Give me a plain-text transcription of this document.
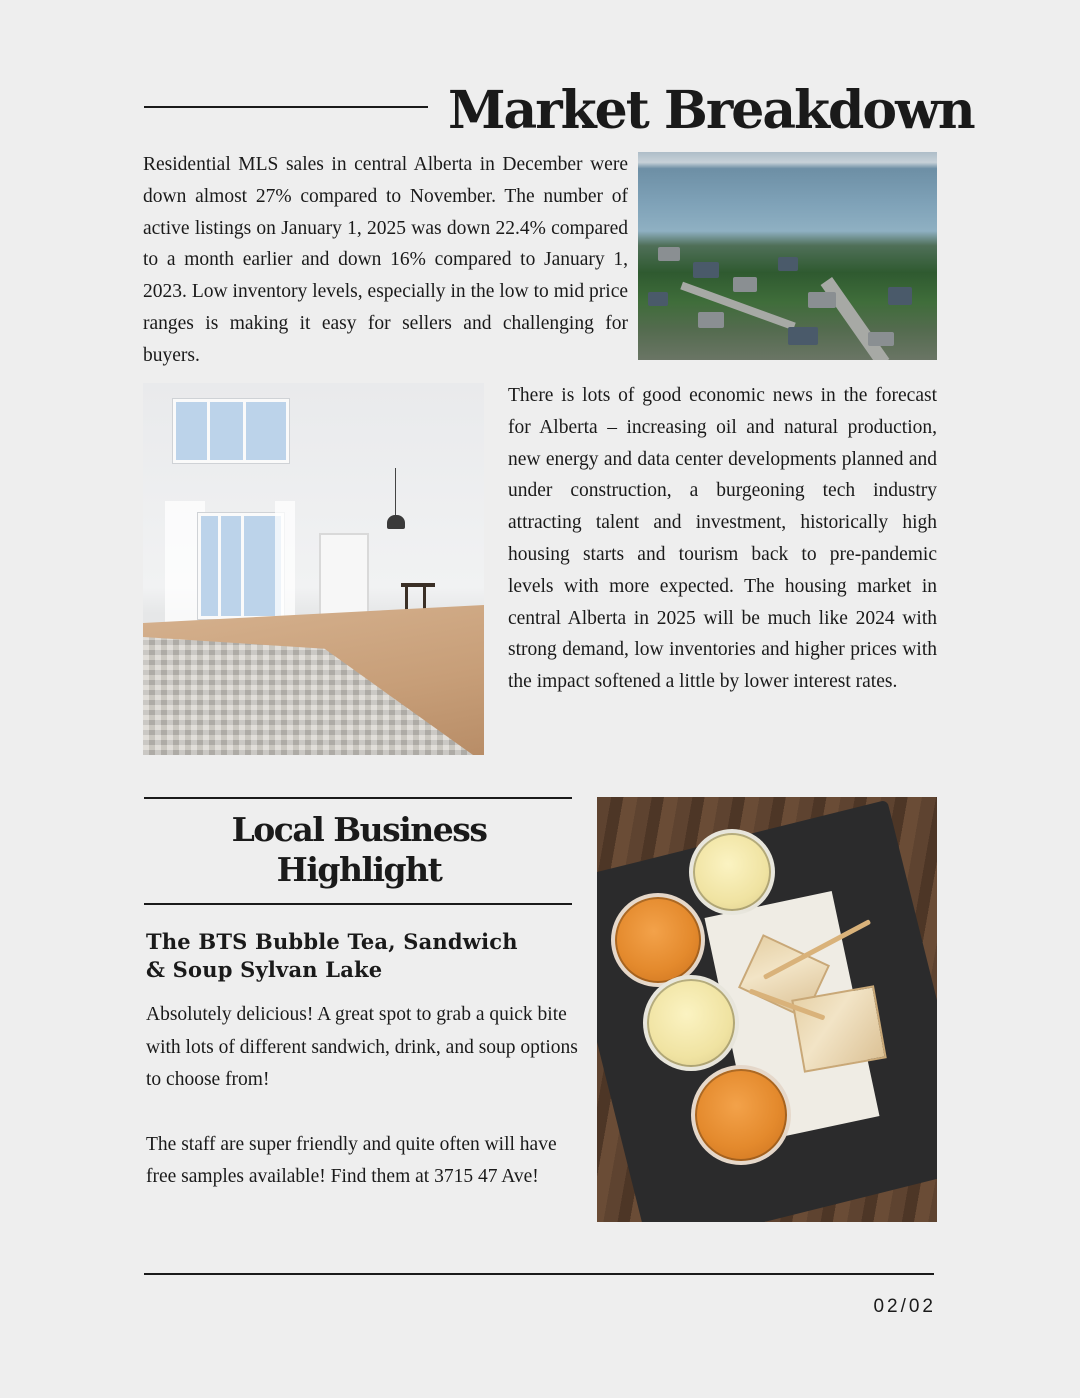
Market Breakdown

Residential MLS sales in central Alberta in December were down almost 27% compared to November. The number of active listings on January 1, 2025 was down 22.4% compared to a month earlier and down 16% compared to January 1, 2023. Low inventory levels, especially in the low to mid price ranges is making it easy for sellers and challenging for buyers.

There is lots of good economic news in the forecast for Alberta – increasing oil and natural production, new energy and data center developments planned and under construction, a burgeoning tech industry attracting talent and investment, historically high housing starts and tourism back to pre-pandemic levels with more expected. The housing market in central Alberta in 2025 will be much like 2024 with strong demand, low inventories and higher prices with the impact softened a little by lower interest rates.

Local Business
Highlight
The BTS Bubble Tea, Sandwich
& Soup Sylvan Lake

Absolutely delicious! A great spot to grab a quick bite with lots of different sandwich, drink, and soup options to choose from!

The staff are super friendly and quite often will have free samples available! Find them at 3715 47 Ave!

02/02
